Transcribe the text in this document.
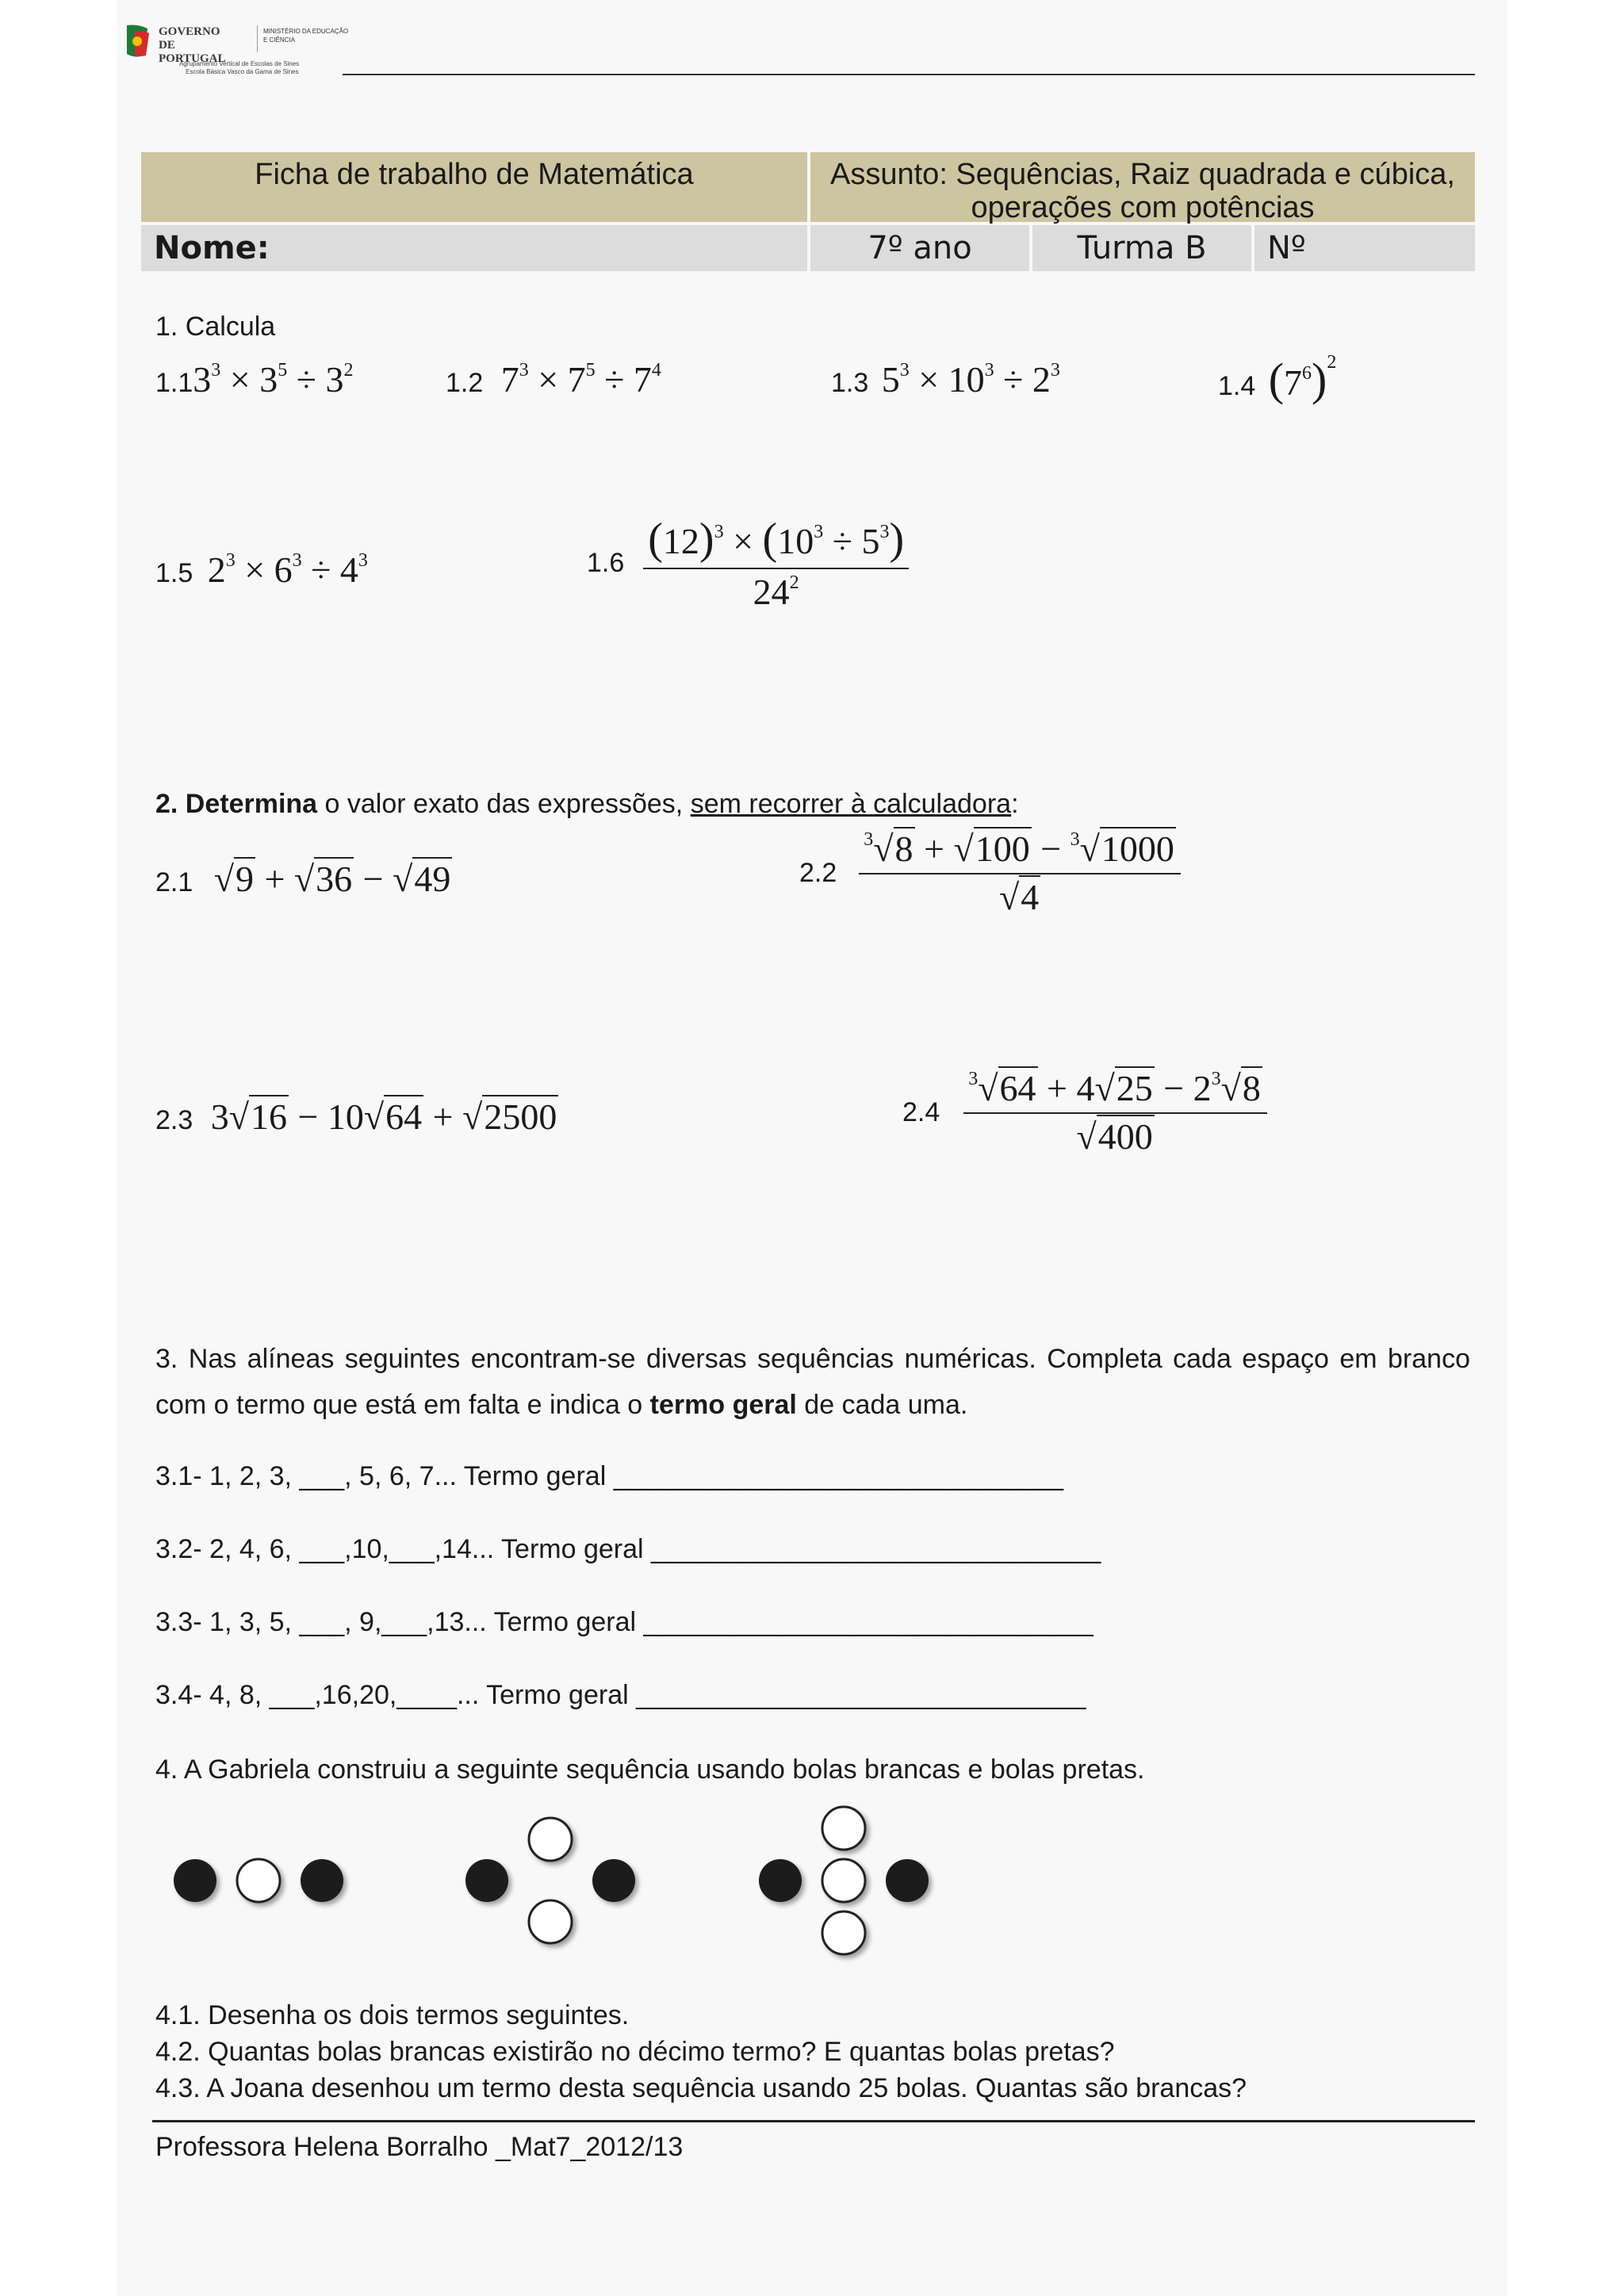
GOVERNO DE PORTUGAL
MINISTÉRIO DA EDUCAÇÃO E CIÊNCIA
Agrupamento Vertical de Escolas de Sines
Escola Básica Vasco da Gama de Sines
Ficha de trabalho de Matemática	Assunto: Sequências, Raiz quadrada e cúbica,
operações com potências
Nome:	7º ano	Turma B	Nº
1. Calcula
$1.13^3 \times 3^5 \div 3^2$	1.2 $7^3 \times 7^5 \div 7^4$	1.3 $5^3 \times 10^3 \div 2^3$
1.4 $(7^6)^2$
1.5 $2^3 \times 6^3 \div 4^3$	$1.6 \frac{(12)^3 \times (10^3 \div 5^3)}{24^2}$
2. Determina o valor exato das expressões, sem recorrer à calculadora:
2.1 √9 + √36 − √49	$2.2 \frac{^3√8 + √100 - ^3√1000}{√4}$
2.3 3√16 − 10√64 + √2500	$2.4 \frac{^3√64 + 4√25 - 2^3√8}{√400}$
3. Nas alíneas seguintes encontram-se diversas sequências numéricas. Completa cada espaço em branco
com o termo que está em falta e indica o termo geral de cada uma.
3.1- 1, 2, 3, ___, 5, 6, 7... Termo geral ______________________________
3.2- 2, 4, 6, ___,10,___,14... Termo geral ______________________________
3.3- 1, 3, 5, ___, 9,___,13... Termo geral ______________________________
3.4- 4, 8, ___,16,20,____... Termo geral ______________________________
4. A Gabriela construiu a seguinte sequência usando bolas brancas e bolas pretas.
4.1. Desenha os dois termos seguintes.
4.2. Quantas bolas brancas existirão no décimo termo? E quantas bolas pretas?
4.3. A Joana desenhou um termo desta sequência usando 25 bolas. Quantas são brancas?
Professora Helena Borralho _Mat7_2012/13
